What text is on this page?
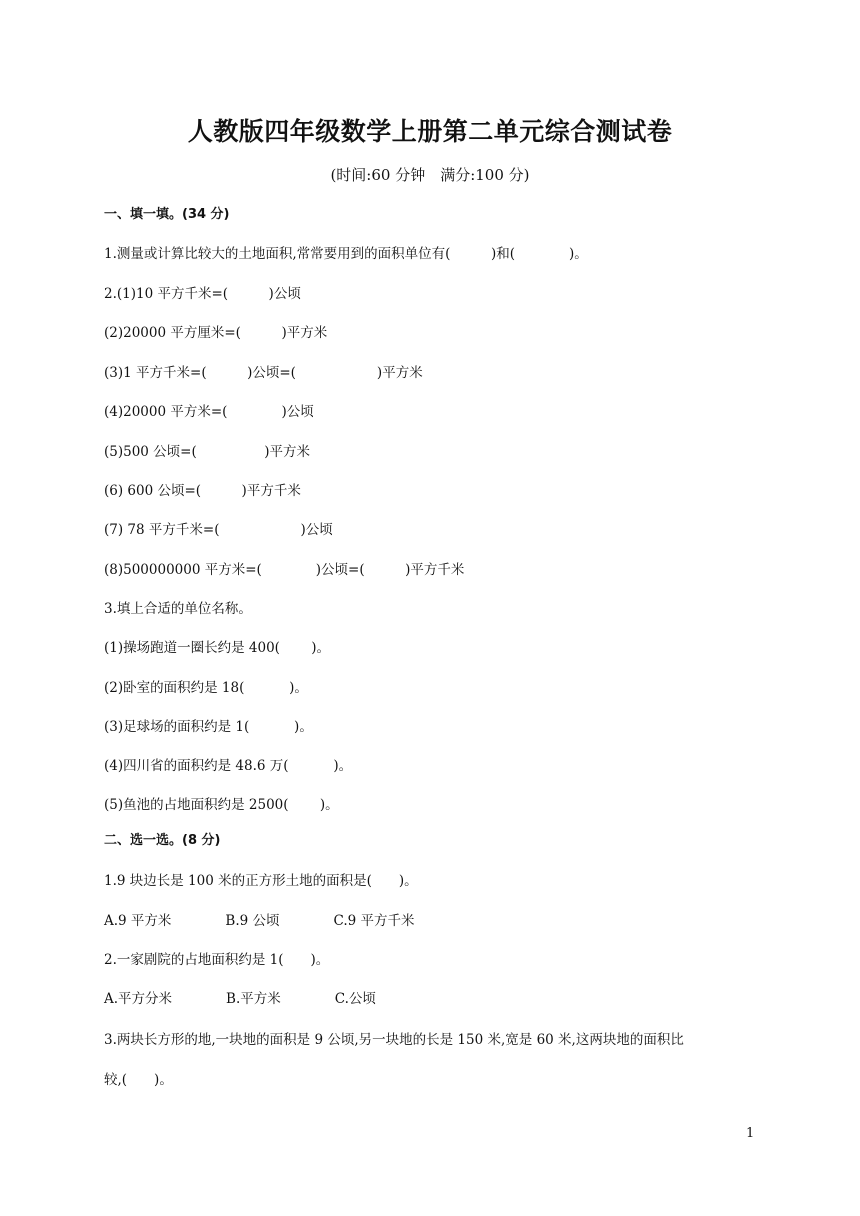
人教版四年级数学上册第二单元综合测试卷
(时间:60 分钟　满分:100 分)
一、填一填。(34 分)
1.测量或计算比较大的土地面积,常常要用到的面积单位有(　　　)和(　　　　)。
2.(1)10 平方千米=(　　　)公顷
(2)20000 平方厘米=(　　　)平方米
(3)1 平方千米=(　　　)公顷=(　　　　　　)平方米
(4)20000 平方米=(　　　　)公顷
(5)500 公顷=(　　　　　)平方米
(6) 600 公顷=(　　　)平方千米
(7) 78 平方千米=(　　　　　　)公顷
(8)500000000 平方米=(　　　　)公顷=(　　　)平方千米
3.填上合适的单位名称。
(1)操场跑道一圈长约是 400(　　 )。
(2)卧室的面积约是 18(　　　 )。
(3)足球场的面积约是 1(　　　 )。
(4)四川省的面积约是 48.6 万(　　　 )。
(5)鱼池的占地面积约是 2500(　　 )。
二、选一选。(8 分)
1.9 块边长是 100 米的正方形土地的面积是(　　)。
A.9 平方米　　　　B.9 公顷　　　　C.9 平方千米
2.一家剧院的占地面积约是 1(　　)。
A.平方分米　　　　B.平方米　　　　C.公顷
3.两块长方形的地,一块地的面积是 9 公顷,另一块地的长是 150 米,宽是 60 米,这两块地的面积比
较,(　　)。
1
